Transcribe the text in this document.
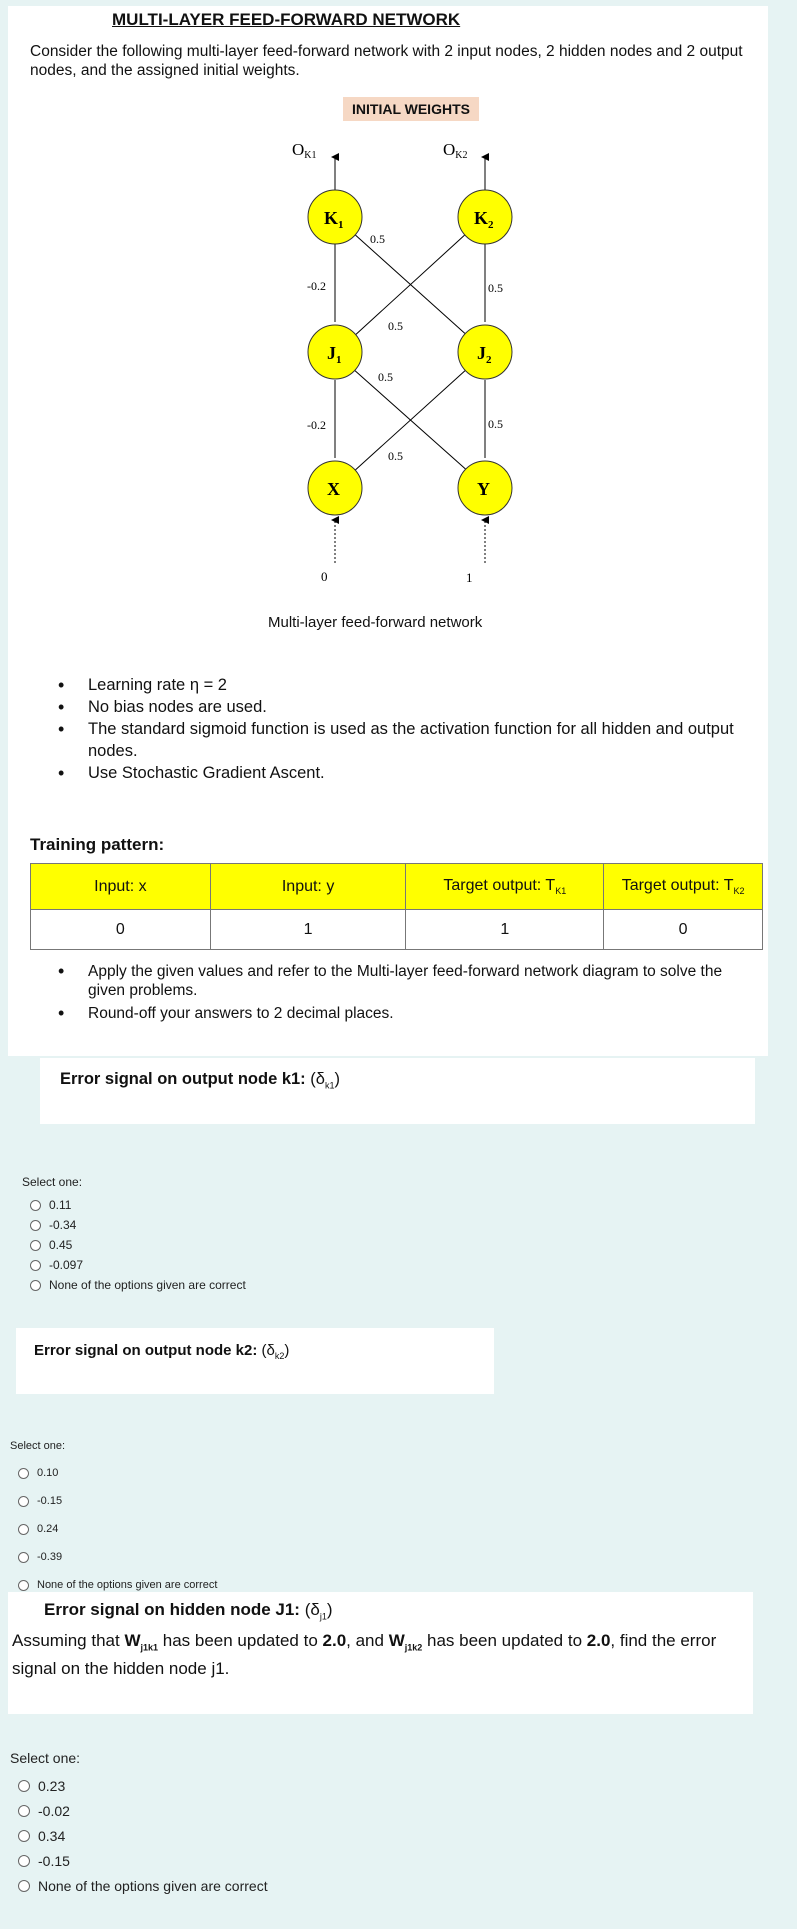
MULTI-LAYER FEED-FORWARD NETWORK
Consider the following multi-layer feed-forward network with 2 input nodes, 2 hidden nodes and 2 output nodes, and the assigned initial weights.
INITIAL WEIGHTS
OK1	OK2
$K_1$	$K_2$
$J_1$	$J_2$
X	Y
-0.2
0.5
0.5
0.5
0.5
-0.2
0.5
0.5
0	1
Multi-layer feed-forward network
• Learning rate η = 2
• No bias nodes are used.
• The standard sigmoid function is used as the activation function for all hidden and output nodes.
• Use Stochastic Gradient Ascent.
Training pattern:
Input: x	Input: y	Target output: $T_{K1}$	Target output: $T_{K2}$
0	1	1	0
• Apply the given values and refer to the Multi-layer feed-forward network diagram to solve the given problems.
• Round-off your answers to 2 decimal places.
Error signal on output node k1: $(\delta_{k1})$
Select one:
0.11
-0.34
0.45
-0.097
None of the options given are correct
Error signal on output node k2: $(\delta_{k2})$
Select one:
0.10
-0.15
0.24
-0.39
None of the options given are correct
Error signal on hidden node J1: $(\delta_{j1})$
Assuming that $W_{j1k1}$ has been updated to 2.0, and $W_{j1k2}$ has been updated to 2.0, find the error signal on the hidden node j1.
Select one:
0.23
-0.02
0.34
-0.15
None of the options given are correct
